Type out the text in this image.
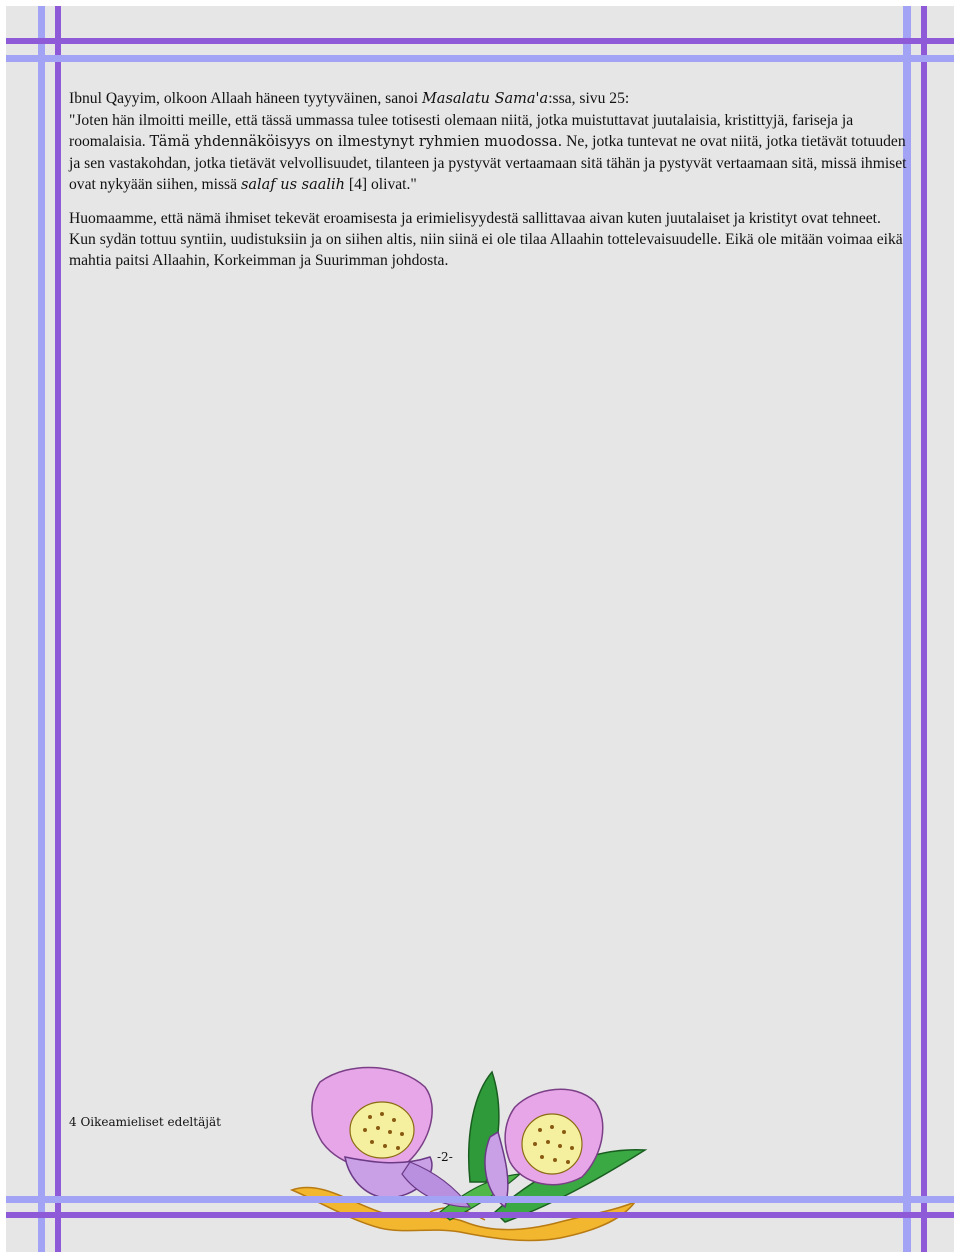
Ibnul Qayyim, olkoon Allaah häneen tyytyväinen, sanoi Masalatu Sama'a:ssa, sivu 25:
"Joten hän ilmoitti meille, että tässä ummassa tulee totisesti olemaan niitä, jotka muistuttavat juutalaisia, kristittyjä, fariseja ja roomalaisia. Tämä yhdennäköisyys on ilmestynyt ryhmien muodossa. Ne, jotka tuntevat ne ovat niitä, jotka tietävät totuuden ja sen vastakohdan, jotka tietävät velvollisuudet, tilanteen ja pystyvät vertaamaan sitä tähän ja pystyvät vertaamaan sitä, missä ihmiset ovat nykyään siihen, missä salaf us saalih [4] olivat."

Huomaamme, että nämä ihmiset tekevät eroamisesta ja erimielisyydestä sallittavaa aivan kuten juutalaiset ja kristityt ovat tehneet. Kun sydän tottuu syntiin, uudistuksiin ja on siihen altis, niin siinä ei ole tilaa Allaahin tottelevaisuudelle. Eikä ole mitään voimaa eikä mahtia paitsi Allaahin, Korkeimman ja Suurimman johdosta.

4 Oikeamieliset edeltäjät
-2-
